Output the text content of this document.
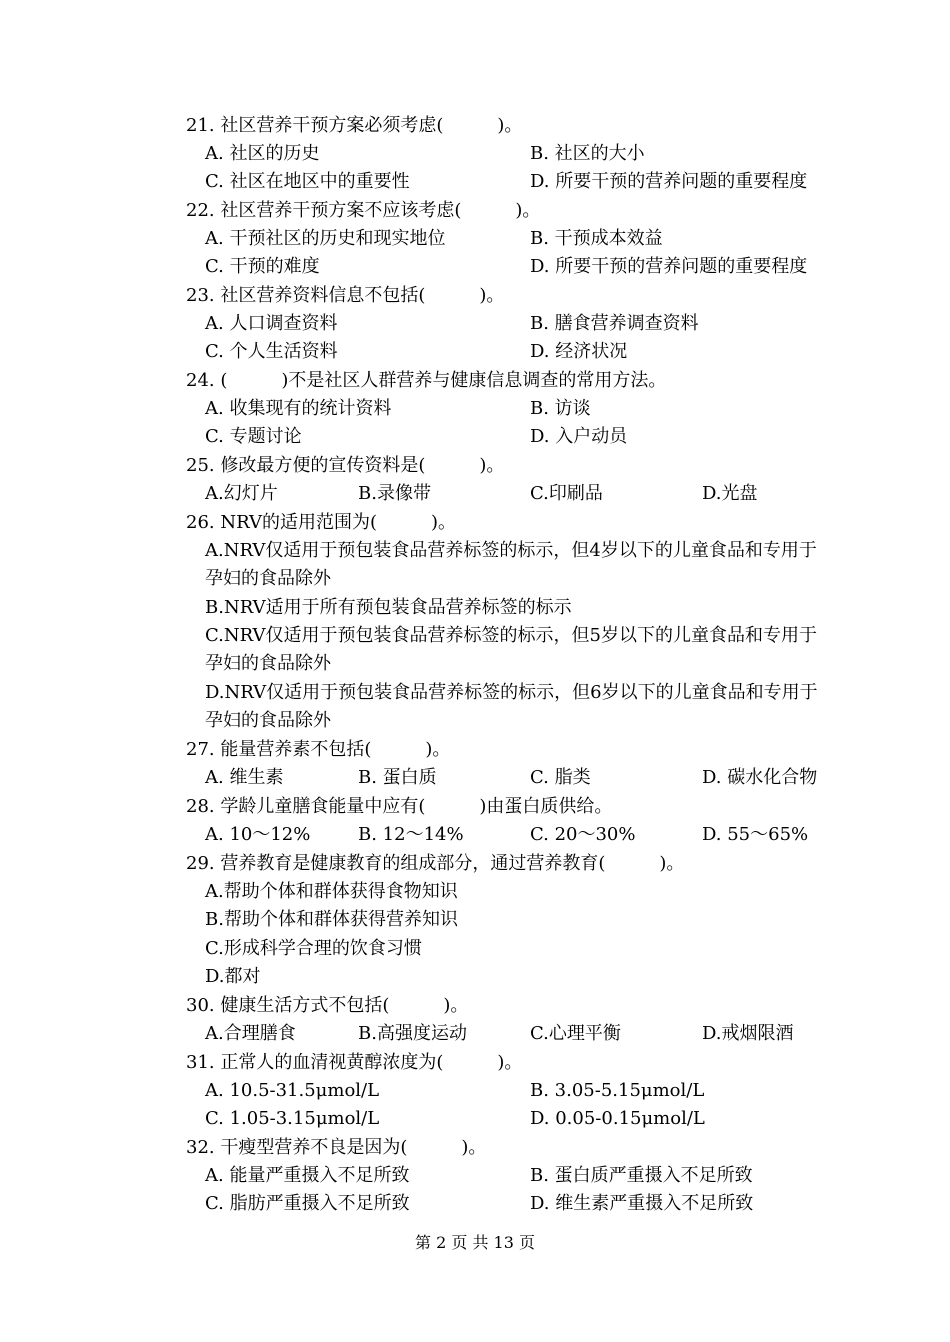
21. 社区营养干预方案必须考虑(　　　)。
A. 社区的历史	B. 社区的大小
C. 社区在地区中的重要性	D. 所要干预的营养问题的重要程度
22. 社区营养干预方案不应该考虑(　　　)。
A. 干预社区的历史和现实地位	B. 干预成本效益
C. 干预的难度	D. 所要干预的营养问题的重要程度
23. 社区营养资料信息不包括(　　　)。
A. 人口调查资料	B. 膳食营养调查资料
C. 个人生活资料	D. 经济状况
24. (　　　)不是社区人群营养与健康信息调查的常用方法。
A. 收集现有的统计资料	B. 访谈
C. 专题讨论	D. 入户动员
25. 修改最方便的宣传资料是(　　　)。
A.幻灯片	B.录像带	C.印刷品	D.光盘
26. NRV的适用范围为(　　　)。
A.NRV仅适用于预包装食品营养标签的标示，但4岁以下的儿童食品和专用于
孕妇的食品除外
B.NRV适用于所有预包装食品营养标签的标示
C.NRV仅适用于预包装食品营养标签的标示，但5岁以下的儿童食品和专用于
孕妇的食品除外
D.NRV仅适用于预包装食品营养标签的标示，但6岁以下的儿童食品和专用于
孕妇的食品除外
27. 能量营养素不包括(　　　)。
A. 维生素	B. 蛋白质	C. 脂类	D. 碳水化合物
28. 学龄儿童膳食能量中应有(　　　)由蛋白质供给。
A. 10～12%	B. 12～14%	C. 20～30%	D. 55～65%
29. 营养教育是健康教育的组成部分，通过营养教育(　　　)。
A.帮助个体和群体获得食物知识
B.帮助个体和群体获得营养知识
C.形成科学合理的饮食习惯
D.都对
30. 健康生活方式不包括(　　　)。
A.合理膳食	B.高强度运动	C.心理平衡	D.戒烟限酒
31. 正常人的血清视黄醇浓度为(　　　)。
A. 10.5-31.5μmol/L	B. 3.05-5.15μmol/L
C. 1.05-3.15μmol/L	D. 0.05-0.15μmol/L
32. 干瘦型营养不良是因为(　　　)。
A. 能量严重摄入不足所致	B. 蛋白质严重摄入不足所致
C. 脂肪严重摄入不足所致	D. 维生素严重摄入不足所致
第 2 页 共 13 页
